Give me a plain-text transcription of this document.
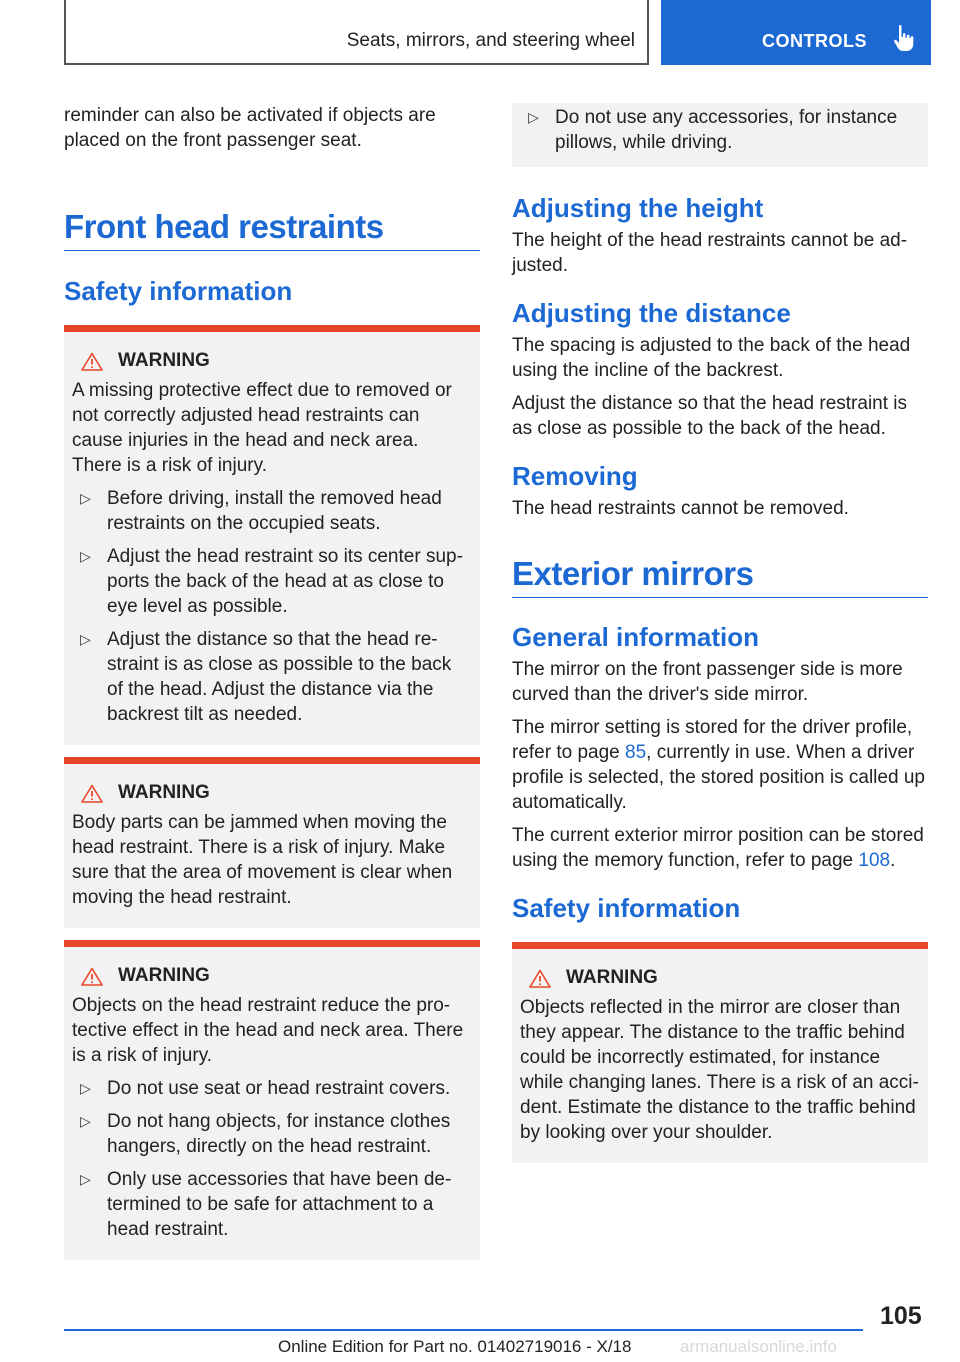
Seats, mirrors, and steering wheel	CONTROLS

reminder can also be activated if objects are placed on the front passenger seat.

Front head restraints
Safety information
WARNING

A missing protective effect due to removed or not correctly adjusted head restraints can cause injuries in the head and neck area. There is a risk of injury.

▷ Before driving, install the removed head restraints on the occupied seats.
▷ Adjust the head restraint so its center sup-ports the back of the head at as close to eye level as possible.
▷ Adjust the distance so that the head re-straint is as close as possible to the back of the head. Adjust the distance via the backrest tilt as needed.
WARNING

Body parts can be jammed when moving the head restraint. There is a risk of injury. Make sure that the area of movement is clear when moving the head restraint.

WARNING

Objects on the head restraint reduce the pro-tective effect in the head and neck area. There is a risk of injury.

▷ Do not use seat or head restraint covers.
▷ Do not hang objects, for instance clothes hangers, directly on the head restraint.
▷ Only use accessories that have been de-termined to be safe for attachment to a head restraint.
▷ Do not use any accessories, for instance pillows, while driving.
Adjusting the height

The height of the head restraints cannot be ad-justed.

Adjusting the distance

The spacing is adjusted to the back of the head using the incline of the backrest.

Adjust the distance so that the head restraint is as close as possible to the back of the head.

Removing

The head restraints cannot be removed.

Exterior mirrors
General information

The mirror on the front passenger side is more curved than the driver's side mirror.

The mirror setting is stored for the driver profile, refer to page 85, currently in use. When a driver profile is selected, the stored position is called up automatically.

The current exterior mirror position can be stored using the memory function, refer to page 108.

Safety information
WARNING

Objects reflected in the mirror are closer than they appear. The distance to the traffic behind could be incorrectly estimated, for instance while changing lanes. There is a risk of an acci-dent. Estimate the distance to the traffic behind by looking over your shoulder.

105
Online Edition for Part no. 01402719016 - X/18	armanualsonline.info
